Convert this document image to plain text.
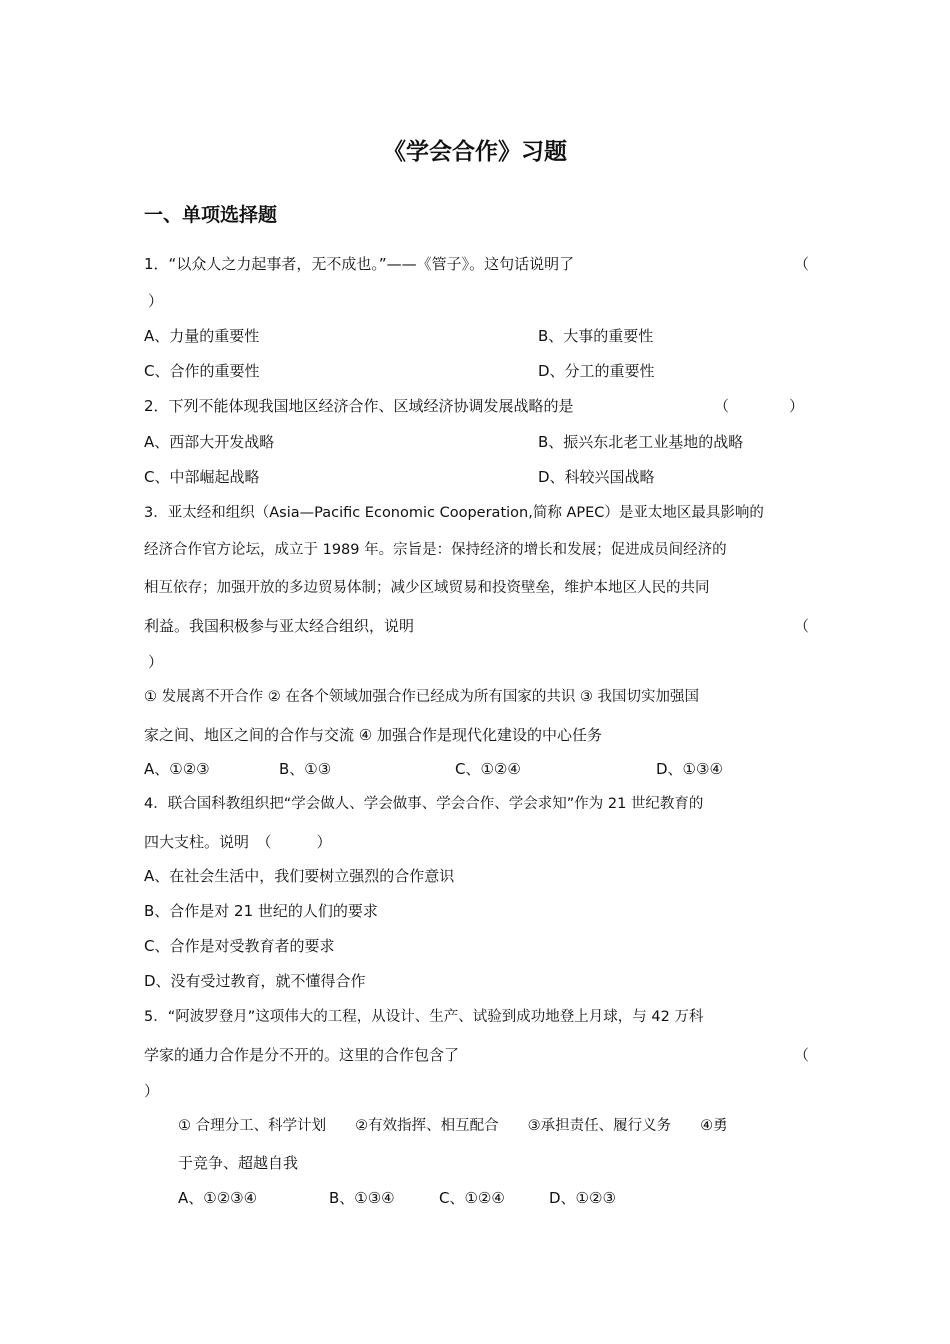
《学会合作》习题
一、单项选择题
1．“以众人之力起事者，无不成也。”——《管子》。这句话说明了	（
）
A、力量的重要性	B、大事的重要性
C、合作的重要性	D、分工的重要性
2．下列不能体现我国地区经济合作、区域经济协调发展战略的是	（　　　　）
A、西部大开发战略	B、振兴东北老工业基地的战略
C、中部崛起战略	D、科较兴国战略
3．亚太经和组织（Asia—Pacific Economic Cooperation,简称 APEC）是亚太地区最具影响的
经济合作官方论坛，成立于 1989 年。宗旨是：保持经济的增长和发展；促进成员间经济的
相互依存；加强开放的多边贸易体制；减少区域贸易和投资壁垒，维护本地区人民的共同
利益。我国积极参与亚太经合组织，说明	（
）
① 发展离不开合作 ② 在各个领域加强合作已经成为所有国家的共识 ③ 我国切实加强国
家之间、地区之间的合作与交流 ④ 加强合作是现代化建设的中心任务
A、①②③	B、①③	C、①②④	D、①③④
4．联合国科教组织把“学会做人、学会做事、学会合作、学会求知”作为 21 世纪教育的
四大支柱。说明　（　　　）
A、在社会生活中，我们要树立强烈的合作意识
B、合作是对 21 世纪的人们的要求
C、合作是对受教育者的要求
D、没有受过教育，就不懂得合作
5．“阿波罗登月”这项伟大的工程，从设计、生产、试验到成功地登上月球，与 42 万科
学家的通力合作是分不开的。这里的合作包含了	（
）
① 合理分工、科学计划　　②有效指挥、相互配合　　③承担责任、履行义务　　④勇
于竞争、超越自我
A、①②③④	B、①③④	C、①②④	D、①②③
